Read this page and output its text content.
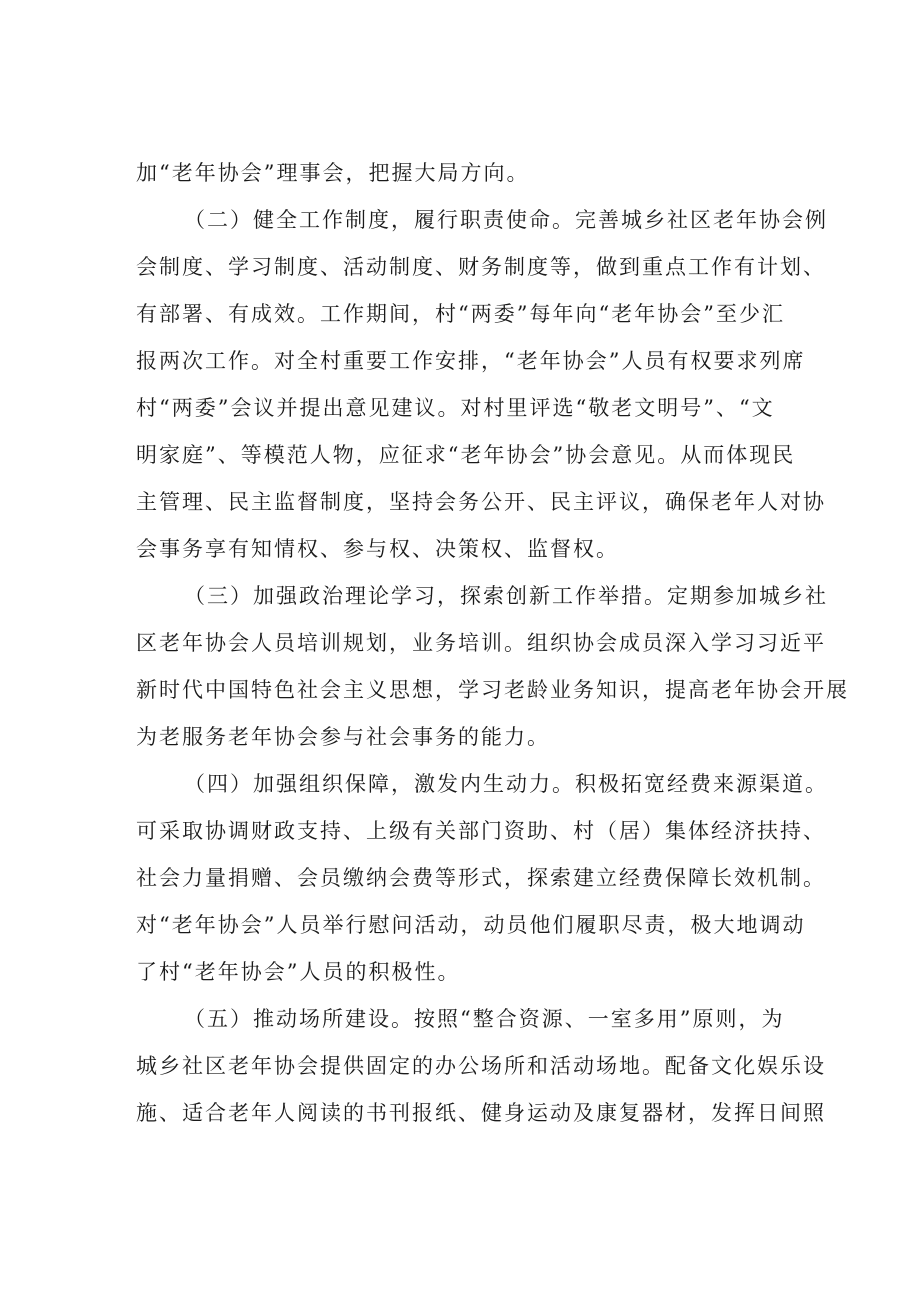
加“老年协会”理事会，把握大局方向。
（二）健全工作制度，履行职责使命。完善城乡社区老年协会例
会制度、学习制度、活动制度、财务制度等，做到重点工作有计划、
有部署、有成效。工作期间，村“两委”每年向“老年协会”至少汇
报两次工作。对全村重要工作安排，“老年协会”人员有权要求列席
村“两委”会议并提出意见建议。对村里评选“敬老文明号”、“文
明家庭”、等模范人物，应征求“老年协会”协会意见。从而体现民
主管理、民主监督制度，坚持会务公开、民主评议，确保老年人对协
会事务享有知情权、参与权、决策权、监督权。
（三）加强政治理论学习，探索创新工作举措。定期参加城乡社
区老年协会人员培训规划，业务培训。组织协会成员深入学习习近平
新时代中国特色社会主义思想，学习老龄业务知识，提高老年协会开展
为老服务老年协会参与社会事务的能力。
（四）加强组织保障，激发内生动力。积极拓宽经费来源渠道。
可采取协调财政支持、上级有关部门资助、村（居）集体经济扶持、
社会力量捐赠、会员缴纳会费等形式，探索建立经费保障长效机制。
对“老年协会”人员举行慰问活动，动员他们履职尽责，极大地调动
了村“老年协会”人员的积极性。
（五）推动场所建设。按照“整合资源、一室多用”原则，为
城乡社区老年协会提供固定的办公场所和活动场地。配备文化娱乐设
施、适合老年人阅读的书刊报纸、健身运动及康复器材，发挥日间照
